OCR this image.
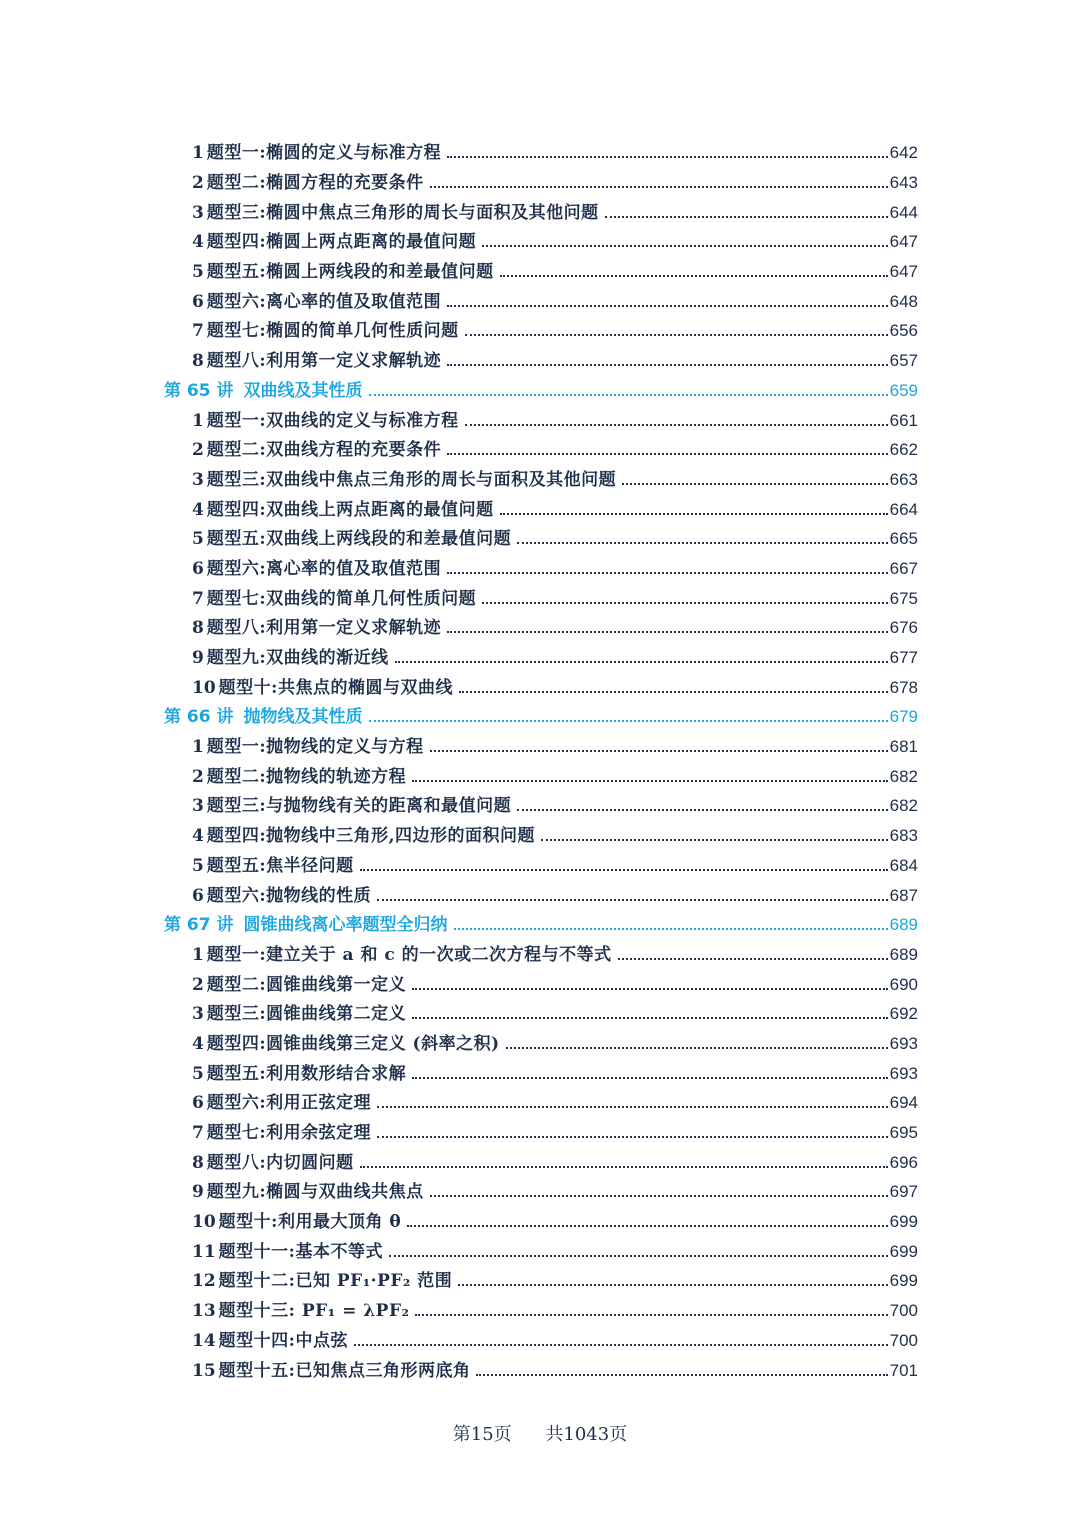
1 题型一:椭圆的定义与标准方程	642
2 题型二:椭圆方程的充要条件	643
3 题型三:椭圆中焦点三角形的周长与面积及其他问题	644
4 题型四:椭圆上两点距离的最值问题	647
5 题型五:椭圆上两线段的和差最值问题	647
6 题型六:离心率的值及取值范围	648
7 题型七:椭圆的简单几何性质问题	656
8 题型八:利用第一定义求解轨迹	657
第 65 讲 双曲线及其性质	659
1 题型一:双曲线的定义与标准方程	661
2 题型二:双曲线方程的充要条件	662
3 题型三:双曲线中焦点三角形的周长与面积及其他问题	663
4 题型四:双曲线上两点距离的最值问题	664
5 题型五:双曲线上两线段的和差最值问题	665
6 题型六:离心率的值及取值范围	667
7 题型七:双曲线的简单几何性质问题	675
8 题型八:利用第一定义求解轨迹	676
9 题型九:双曲线的渐近线	677
10 题型十:共焦点的椭圆与双曲线	678
第 66 讲 抛物线及其性质	679
1 题型一:抛物线的定义与方程	681
2 题型二:抛物线的轨迹方程	682
3 题型三:与抛物线有关的距离和最值问题	682
4 题型四:抛物线中三角形,四边形的面积问题	683
5 题型五:焦半径问题	684
6 题型六:抛物线的性质	687
第 67 讲 圆锥曲线离心率题型全归纳	689
1 题型一:建立关于 a 和 c 的一次或二次方程与不等式	689
2 题型二:圆锥曲线第一定义	690
3 题型三:圆锥曲线第二定义	692
4 题型四:圆锥曲线第三定义 (斜率之积)	693
5 题型五:利用数形结合求解	693
6 题型六:利用正弦定理	694
7 题型七:利用余弦定理	695
8 题型八:内切圆问题	696
9 题型九:椭圆与双曲线共焦点	697
10 题型十:利用最大顶角 θ	699
11 题型十一:基本不等式	699
12 题型十二:已知 PF₁·PF₂ 范围	699
13 题型十三: PF₁ = λPF₂	700
14 题型十四:中点弦	700
15 题型十五:已知焦点三角形两底角	701
第15页 共1043页
